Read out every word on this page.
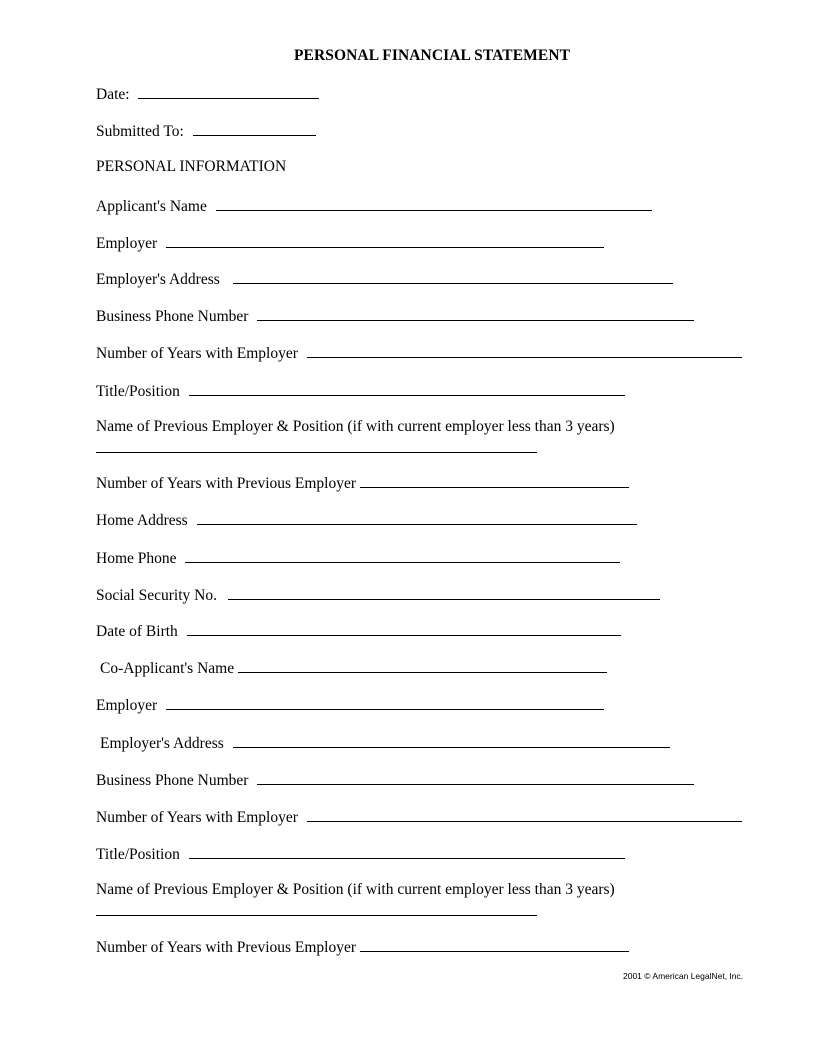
PERSONAL FINANCIAL STATEMENT
Date:
Submitted To:
PERSONAL INFORMATION
Applicant's Name
Employer
Employer's Address
Business Phone Number
Number of Years with Employer
Title/Position
Name of Previous Employer & Position (if with current employer less than 3 years)
Number of Years with Previous Employer
Home Address
Home Phone
Social Security No.
Date of Birth
Co-Applicant's Name
Employer
Employer's Address
Business Phone Number
Number of Years with Employer
Title/Position
Name of Previous Employer & Position (if with current employer less than 3 years)
Number of Years with Previous Employer
2001 © American LegalNet, Inc.
